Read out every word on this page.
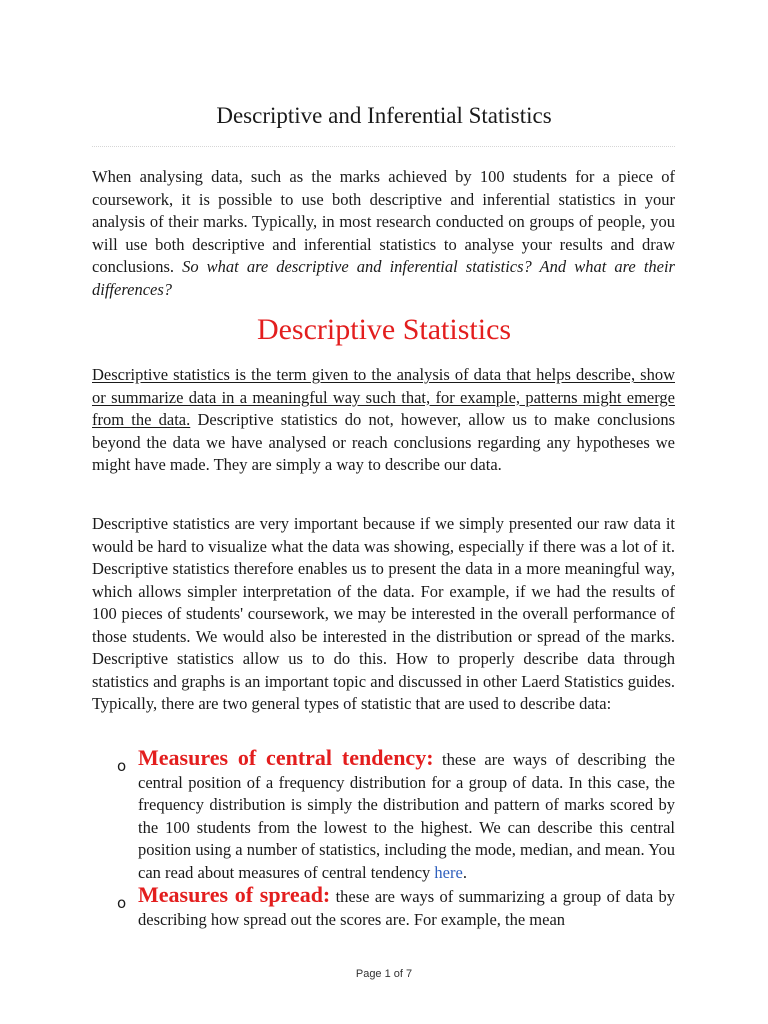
Descriptive and Inferential Statistics

When analysing data, such as the marks achieved by 100 students for a piece of coursework, it is possible to use both descriptive and inferential statistics in your analysis of their marks. Typically, in most research conducted on groups of people, you will use both descriptive and inferential statistics to analyse your results and draw conclusions. So what are descriptive and inferential statistics? And what are their differences?

Descriptive Statistics

Descriptive statistics is the term given to the analysis of data that helps describe, show or summarize data in a meaningful way such that, for example, patterns might emerge from the data. Descriptive statistics do not, however, allow us to make conclusions beyond the data we have analysed or reach conclusions regarding any hypotheses we might have made. They are simply a way to describe our data.

Descriptive statistics are very important because if we simply presented our raw data it would be hard to visualize what the data was showing, especially if there was a lot of it. Descriptive statistics therefore enables us to present the data in a more meaningful way, which allows simpler interpretation of the data. For example, if we had the results of 100 pieces of students' coursework, we may be interested in the overall performance of those students. We would also be interested in the distribution or spread of the marks. Descriptive statistics allow us to do this. How to properly describe data through statistics and graphs is an important topic and discussed in other Laerd Statistics guides. Typically, there are two general types of statistic that are used to describe data:

o Measures of central tendency: these are ways of describing the central position of a frequency distribution for a group of data. In this case, the frequency distribution is simply the distribution and pattern of marks scored by the 100 students from the lowest to the highest. We can describe this central position using a number of statistics, including the mode, median, and mean. You can read about measures of central tendency here.

o Measures of spread: these are ways of summarizing a group of data by describing how spread out the scores are. For example, the mean

Page 1 of 7
